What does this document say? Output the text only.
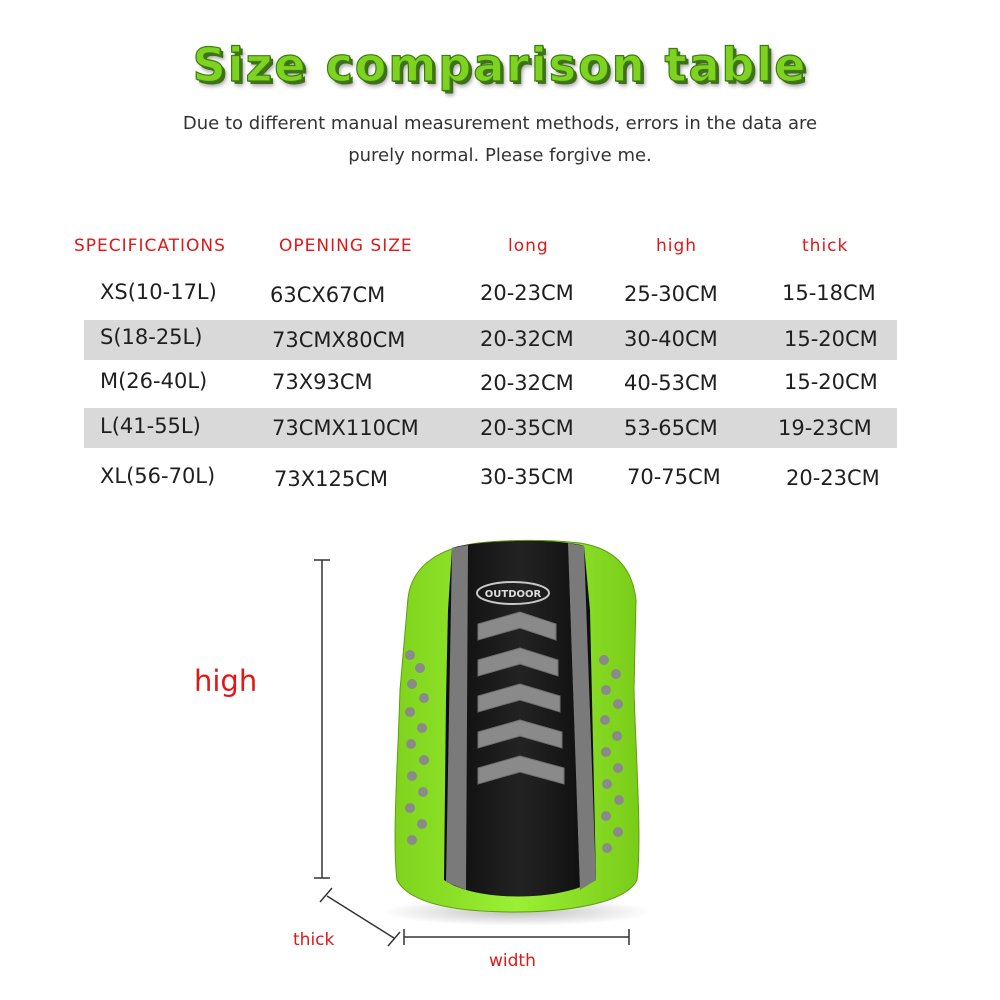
Size comparison table
Due to different manual measurement methods, errors in the data are
purely normal. Please forgive me.
SPECIFICATIONS	OPENING SIZE	long	high	thick
XS(10-17L)	63CX67CM	20-23CM 25-30CM	15-18CM
S(18-25L)	73CMX80CM	20-32CM 30-40CM	15-20CM
M(26-40L)	73X93CM	20-32CM 40-53CM	15-20CM
L(41-55L)	73CMX110CM	20-35CM 53-65CM	19-23CM
XL(56-70L)	73X125CM	30-35CM	70-75CM	20-23CM
OUTDOOR
high
thick
width
